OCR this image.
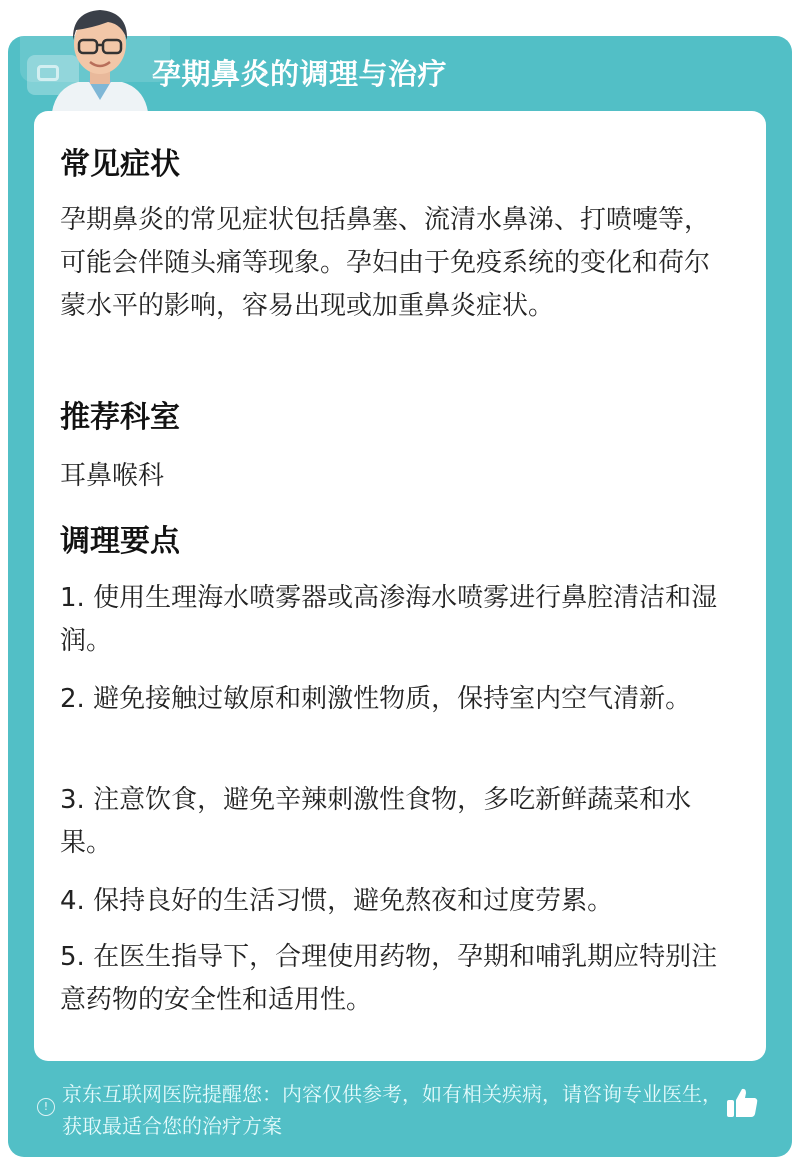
孕期鼻炎的调理与治疗
常见症状
孕期鼻炎的常见症状包括鼻塞、流清水鼻涕、打喷嚏等，可能会伴随头痛等现象。孕妇由于免疫系统的变化和荷尔蒙水平的影响，容易出现或加重鼻炎症状。
推荐科室
耳鼻喉科
调理要点
1. 使用生理海水喷雾器或高渗海水喷雾进行鼻腔清洁和湿润。
2. 避免接触过敏原和刺激性物质，保持室内空气清新。
3. 注意饮食，避免辛辣刺激性食物，多吃新鲜蔬菜和水果。
4. 保持良好的生活习惯，避免熬夜和过度劳累。
5. 在医生指导下，合理使用药物，孕期和哺乳期应特别注意药物的安全性和适用性。
!
京东互联网医院提醒您：内容仅供参考，如有相关疾病，请咨询专业医生，获取最适合您的治疗方案
